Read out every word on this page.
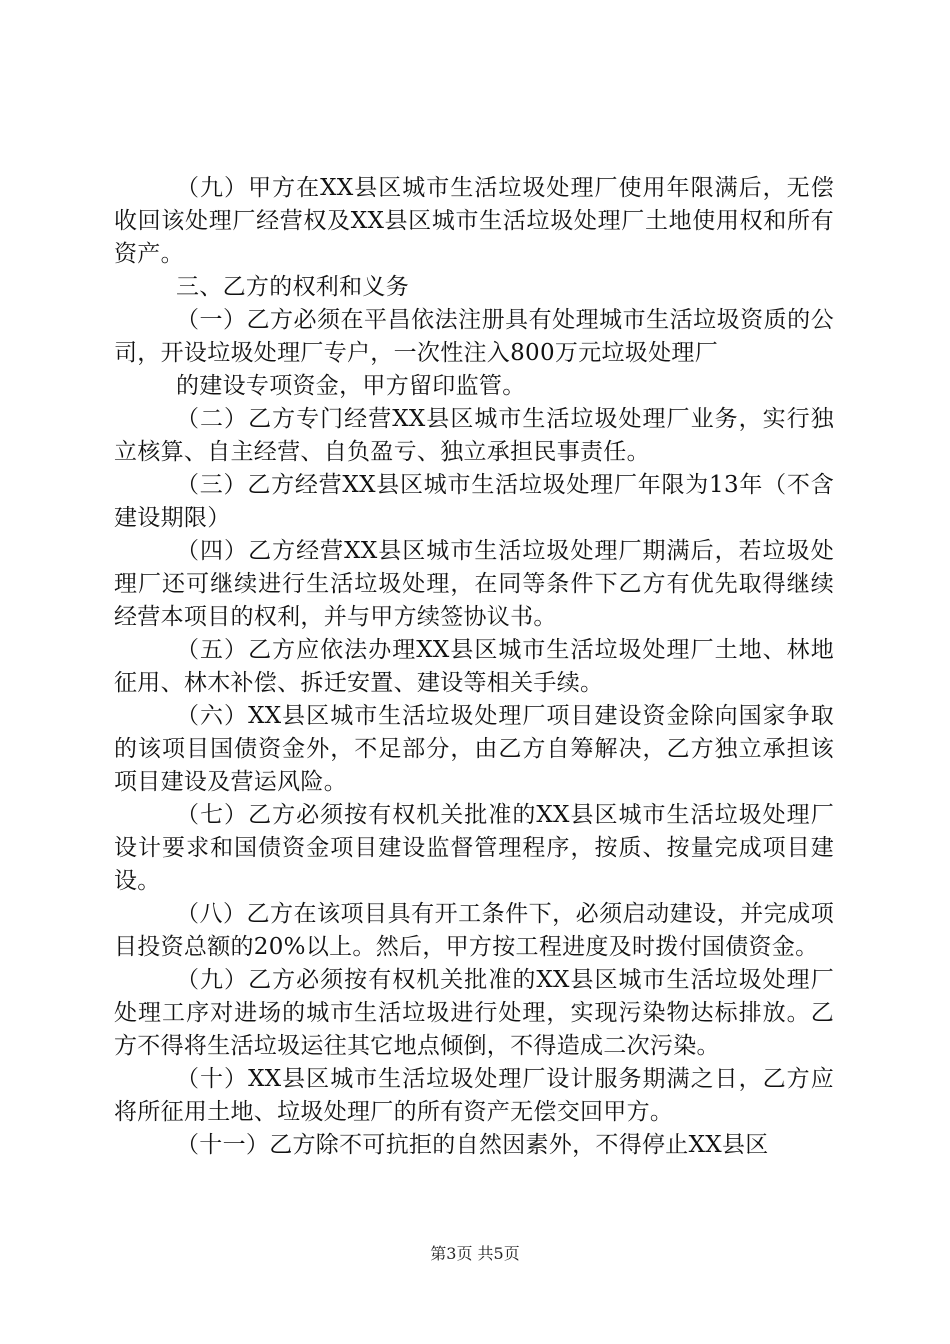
（九）甲方在XX县区城市生活垃圾处理厂使用年限满后，无偿收回该处理厂经营权及XX县区城市生活垃圾处理厂土地使用权和所有资产。

三、乙方的权利和义务

（一）乙方必须在平昌依法注册具有处理城市生活垃圾资质的公司，开设垃圾处理厂专户，一次性注入800万元垃圾处理厂

的建设专项资金，甲方留印监管。

（二）乙方专门经营XX县区城市生活垃圾处理厂业务，实行独立核算、自主经营、自负盈亏、独立承担民事责任。

（三）乙方经营XX县区城市生活垃圾处理厂年限为13年（不含建设期限）

（四）乙方经营XX县区城市生活垃圾处理厂期满后，若垃圾处理厂还可继续进行生活垃圾处理，在同等条件下乙方有优先取得继续经营本项目的权利，并与甲方续签协议书。

（五）乙方应依法办理XX县区城市生活垃圾处理厂土地、林地征用、林木补偿、拆迁安置、建设等相关手续。

（六）XX县区城市生活垃圾处理厂项目建设资金除向国家争取的该项目国债资金外，不足部分，由乙方自筹解决，乙方独立承担该项目建设及营运风险。

（七）乙方必须按有权机关批准的XX县区城市生活垃圾处理厂设计要求和国债资金项目建设监督管理程序，按质、按量完成项目建设。

（八）乙方在该项目具有开工条件下，必须启动建设，并完成项目投资总额的20%以上。然后，甲方按工程进度及时拨付国债资金。

（九）乙方必须按有权机关批准的XX县区城市生活垃圾处理厂处理工序对进场的城市生活垃圾进行处理，实现污染物达标排放。乙方不得将生活垃圾运往其它地点倾倒，不得造成二次污染。

（十）XX县区城市生活垃圾处理厂设计服务期满之日，乙方应将所征用土地、垃圾处理厂的所有资产无偿交回甲方。

（十一）乙方除不可抗拒的自然因素外，不得停止XX县区

第3页 共5页
